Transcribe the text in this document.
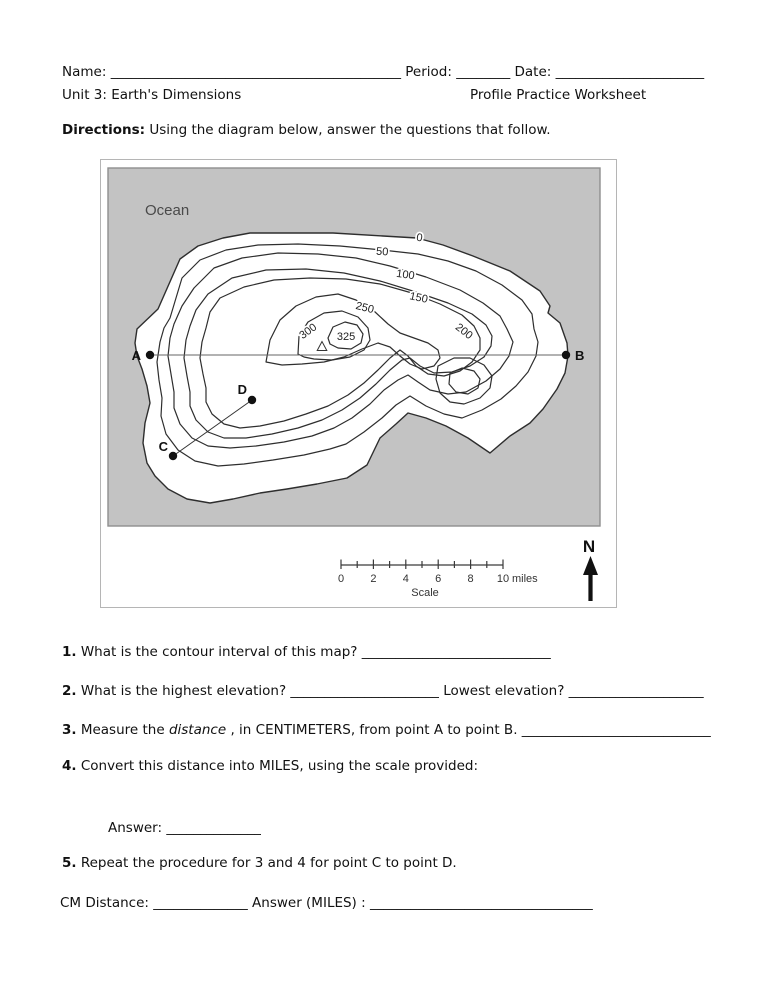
Name: ___________________________________________ Period: ________ Date: ______________________
Unit 3: Earth's Dimensions	Profile Practice Worksheet
Directions: Using the diagram below, answer the questions that follow.
Ocean
0
50
100
150
200
250
300 325
A	B
C
D
0 2 4 6 8 10 miles
Scale
N
1. What is the contour interval of this map? ____________________________
2. What is the highest elevation? ______________________ Lowest elevation? ____________________
3. Measure the distance , in CENTIMETERS, from point A to point B. ____________________________
4. Convert this distance into MILES, using the scale provided:
Answer: ______________
5. Repeat the procedure for 3 and 4 for point C to point D.
CM Distance: ______________ Answer (MILES) : _________________________________
